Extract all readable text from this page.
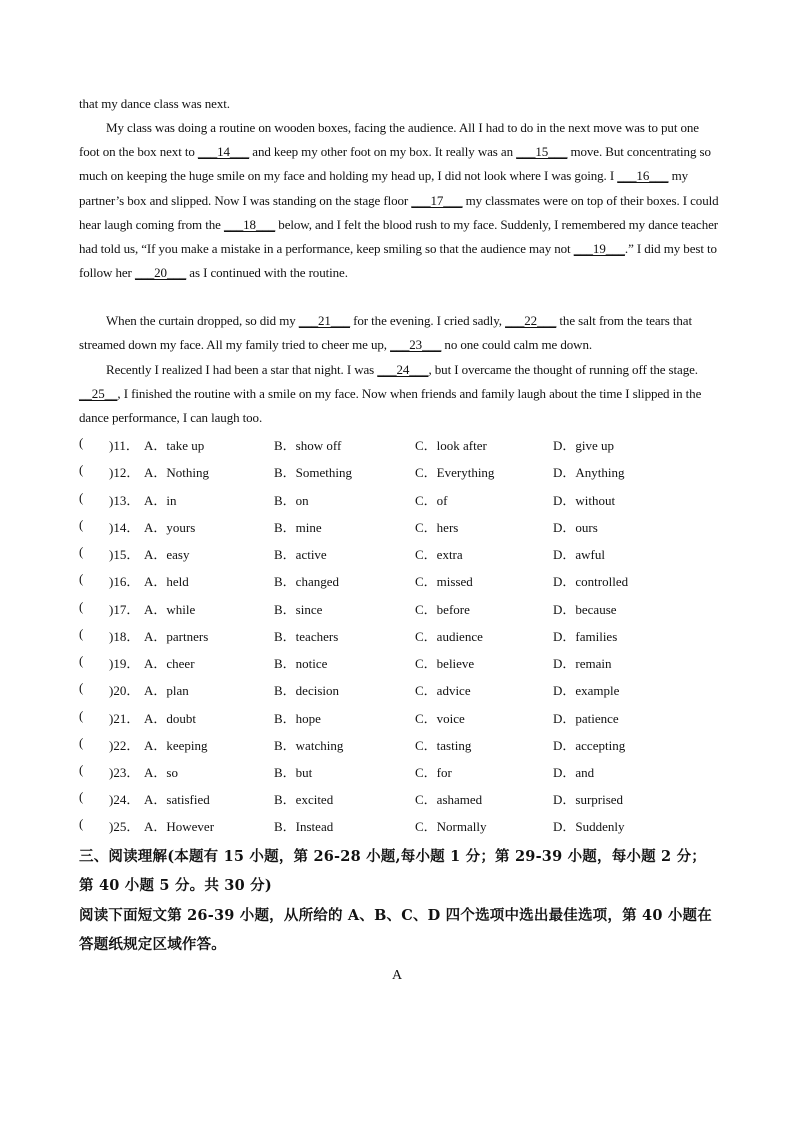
that my dance class was next.
My class was doing a routine on wooden boxes, facing the audience. All I had to do in the next move was to put one foot on the box next to ___14___ and keep my other foot on my box. It really was an ___15___ move. But concentrating so much on keeping the huge smile on my face and holding my head up, I did not look where I was going. I ___16___ my partner’s box and slipped. Now I was standing on the stage floor ___17___ my classmates were on top of their boxes. I could hear laugh coming from the ___18___ below, and I felt the blood rush to my face. Suddenly, I remembered my dance teacher had told us, “If you make a mistake in a performance, keep smiling so that the audience may not ___19___.” I did my best to follow her ___20___ as I continued with the routine.
When the curtain dropped, so did my ___21___ for the evening. I cried sadly, ___22___ the salt from the tears that streamed down my face. All my family tried to cheer me up, ___23___ no one could calm me down.
Recently I realized I had been a star that night. I was ___24___, but I overcame the thought of running off the stage. __25__, I finished the routine with a smile on my face. Now when friends and family laugh about the time I slipped in the dance performance, I can laugh too.
( )11． A．take up	B．show off	C．look after	D．give up
( )12． A．Nothing	B．Something	C．Everything	D．Anything
( )13． A．in	B．on	C．of	D．without
( )14． A．yours	B．mine	C．hers	D．ours
( )15． A．easy	B．active	C．extra	D．awful
( )16． A．held	B．changed	C．missed	D．controlled
( )17． A．while	B．since	C．before	D．because
( )18． A．partners	B．teachers	C．audience	D．families
( )19． A．cheer	B．notice	C．believe	D．remain
( )20． A．plan	B．decision	C．advice	D．example
( )21． A．doubt	B．hope	C．voice	D．patience
( )22． A．keeping	B．watching	C．tasting	D．accepting
( )23． A．so	B．but	C．for	D．and
( )24． A．satisfied	B．excited	C．ashamed	D．surprised
( )25． A．However	B．Instead	C．Normally	D．Suddenly
三、阅读理解(本题有 15 小题，第 26-28 小题,每小题 1 分；第 29-39 小题，每小题 2 分；
第 40 小题 5 分。共 30 分)
阅读下面短文第 26-39 小题，从所给的 A、B、C、D 四个选项中选出最佳选项，第 40 小题在
答题纸规定区域作答。
A
